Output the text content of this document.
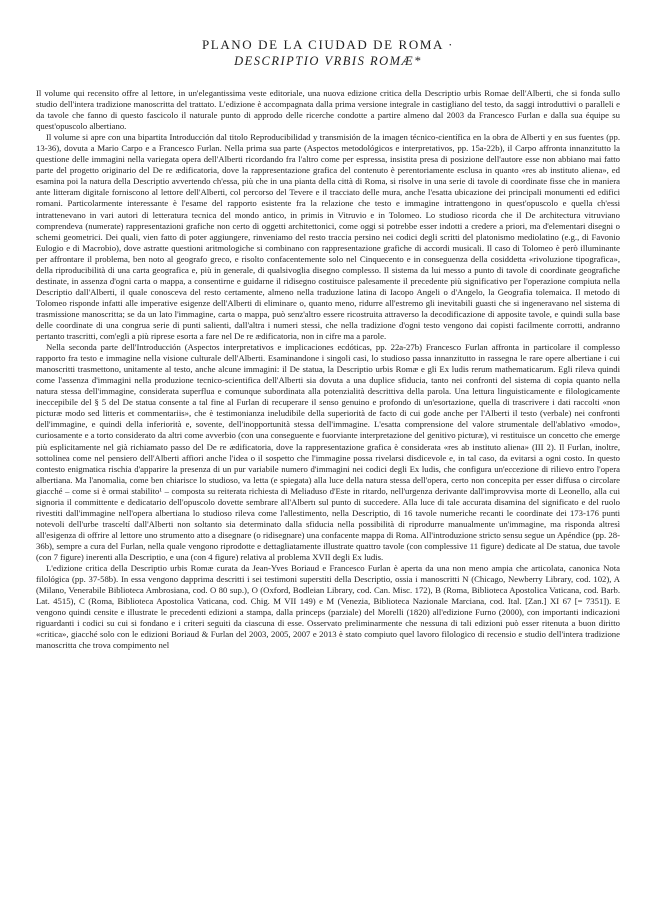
PLANO DE LA CIUDAD DE ROMA ·
DESCRIPTIO VRBIS ROMÆ*

Il volume qui recensito offre al lettore, in un'elegantissima veste editoriale, una nuova edizione critica della Descriptio urbis Romae dell'Alberti, che si fonda sullo studio dell'intera tradizione manoscritta del trattato. L'edizione è accompagnata dalla prima versione integrale in castigliano del testo, da saggi introduttivi o paralleli e da tavole che fanno di questo fascicolo il naturale punto di approdo delle ricerche condotte a partire almeno dal 2003 da Francesco Furlan e dalla sua équipe su quest'opuscolo albertiano.

Il volume si apre con una bipartita Introducción dal titolo Reproducibilidad y transmisión de la imagen técnico-científica en la obra de Alberti y en sus fuentes (pp. 13-36), dovuta a Mario Carpo e a Francesco Furlan. Nella prima sua parte (Aspectos metodológicos e interpretativos, pp. 15a-22b), il Carpo affronta innanzitutto la questione delle immagini nella variegata opera dell'Alberti ricordando fra l'altro come per espressa, insistita presa di posizione dell'autore esse non abbiano mai fatto parte del progetto originario del De re ædificatoria, dove la rappresentazione grafica del contenuto è perentoriamente esclusa in quanto «res ab instituto aliena», ed esamina poi la natura della Descriptio avvertendo ch'essa, più che in una pianta della città di Roma, si risolve in una serie di tavole di coordinate fisse che in maniera ante litteram digitale forniscono al lettore dell'Alberti, col percorso del Tevere e il tracciato delle mura, anche l'esatta ubicazione dei principali monumenti ed edifici romani. Particolarmente interessante è l'esame del rapporto esistente fra la relazione che testo e immagine intrattengono in quest'opuscolo e quella ch'essi intrattenevano in vari autori di letteratura tecnica del mondo antico, in primis in Vitruvio e in Tolomeo. Lo studioso ricorda che il De architectura vitruviano comprendeva (numerate) rappresentazioni grafiche non certo di oggetti architettonici, come oggi si potrebbe esser indotti a credere a priori, ma d'elementari disegni o schemi geometrici. Dei quali, vien fatto di poter aggiungere, rinveniamo del resto traccia persino nei codici degli scritti del platonismo mediolatino (e.g., di Favonio Eulogio e di Macrobio), dove astratte questioni aritmologiche si combinano con rappresentazione grafiche di accordi musicali. Il caso di Tolomeo è però illuminante per affrontare il problema, ben noto al geografo greco, e risolto confacentemente solo nel Cinquecento e in conseguenza della cosiddetta «rivoluzione tipografica», della riproducibilità di una carta geografica e, più in generale, di qualsivoglia disegno complesso. Il sistema da lui messo a punto di tavole di coordinate geografiche destinate, in assenza d'ogni carta o mappa, a consentirne e guidarne il ridisegno costituisce palesamente il precedente più significativo per l'operazione compiuta nella Descriptio dall'Alberti, il quale conosceva del resto certamente, almeno nella traduzione latina di Iacopo Angeli o d'Angelo, la Geografia tolemaica. Il metodo di Tolomeo risponde infatti alle imperative esigenze dell'Alberti di eliminare o, quanto meno, ridurre all'estremo gli inevitabili guasti che si ingeneravano nel sistema di trasmissione manoscritta; se da un lato l'immagine, carta o mappa, può senz'altro essere ricostruita attraverso la decodificazione di apposite tavole, e quindi sulla base delle coordinate di una congrua serie di punti salienti, dall'altra i numeri stessi, che nella tradizione d'ogni testo vengono dai copisti facilmente corrotti, andranno pertanto trascritti, com'egli a più riprese esorta a fare nel De re ædificatoria, non in cifre ma a parole.

Nella seconda parte dell'Introducción (Aspectos interpretativos e implicaciones ecdóticas, pp. 22a-27b) Francesco Furlan affronta in particolare il complesso rapporto fra testo e immagine nella visione culturale dell'Alberti. Esaminandone i singoli casi, lo studioso passa innanzitutto in rassegna le rare opere albertiane i cui manoscritti trasmettono, unitamente al testo, anche alcune immagini: il De statua, la Descriptio urbis Romæ e gli Ex ludis rerum mathematicarum. Egli rileva quindi come l'assenza d'immagini nella produzione tecnico-scientifica dell'Alberti sia dovuta a una duplice sfiducia, tanto nei confronti del sistema di copia quanto nella natura stessa dell'immagine, considerata superflua e comunque subordinata alla potenzialità descrittiva della parola. Una lettura linguisticamente e filologicamente ineccepibile del § 5 del De statua consente a tal fine al Furlan di recuperare il senso genuino e profondo di un'esortazione, quella di trascrivere i dati raccolti «non picturæ modo sed litteris et commentariis», che è testimonianza ineludibile della superiorità de facto di cui gode anche per l'Alberti il testo (verbale) nei confronti dell'immagine, e quindi della inferiorità e, sovente, dell'inopportunità stessa dell'immagine. L'esatta comprensione del valore strumentale dell'ablativo «modo», curiosamente e a torto considerato da altri come avverbio (con una conseguente e fuorviante interpretazione del genitivo picturæ), vi restituisce un concetto che emerge più esplicitamente nel già richiamato passo del De re ædificatoria, dove la rappresentazione grafica è considerata «res ab instituto aliena» (III 2). Il Furlan, inoltre, sottolinea come nel pensiero dell'Alberti affiori anche l'idea o il sospetto che l'immagine possa rivelarsi disdicevole e, in tal caso, da evitarsi a ogni costo. In questo contesto enigmatica rischia d'apparire la presenza di un pur variabile numero d'immagini nei codici degli Ex ludis, che configura un'eccezione di rilievo entro l'opera albertiana. Ma l'anomalia, come ben chiarisce lo studioso, va letta (e spiegata) alla luce della natura stessa dell'opera, certo non concepita per esser diffusa o circolare giacché – come si è ormai stabilito¹ – composta su reiterata richiesta di Meliaduso d'Este in ritardo, nell'urgenza derivante dall'improvvisa morte di Leonello, alla cui signoria il committente e dedicatario dell'opuscolo dovette sembrare all'Albertι sul punto di succedere. Alla luce di tale accurata disamina del significato e del ruolo rivestiti dall'immagine nell'opera albertiana lo studioso rileva come l'allestimento, nella Descriptio, di 16 tavole numeriche recanti le coordinate dei 173-176 punti notevoli dell'urbe trasceltí dall'Alberti non soltanto sia determinato dalla sfiducia nella possibilità di riprodurre manualmente un'immagine, ma risponda altresì all'esigenza di offrire al lettore uno strumento atto a disegnare (o ridisegnare) una confacente mappa di Roma. All'introduzione stricto sensu segue un Apéndice (pp. 28-36b), sempre a cura del Furlan, nella quale vengono riprodotte e dettagliatamente illustrate quattro tavole (con complessive 11 figure) dedicate al De statua, due tavole (con 7 figure) inerenti alla Descriptio, e una (con 4 figure) relativa al problema XVII degli Ex ludis.

L'edizione critica della Descriptio urbis Romæ curata da Jean-Yves Boriaud e Francesco Furlan è aperta da una non meno ampia che articolata, canonica Nota filológica (pp. 37-58b). In essa vengono dapprima descritti i sei testimoni superstiti della Descriptio, ossia i manoscritti N (Chicago, Newberry Library, cod. 102), A (Milano, Venerabile Biblioteca Ambrosiana, cod. O 80 sup.), O (Oxford, Bodleian Library, cod. Can. Misc. 172), B (Roma, Biblioteca Apostolica Vaticana, cod. Barb. Lat. 4515), C (Roma, Biblioteca Apostolica Vaticana, cod. Chig. M VII 149) e M (Venezia, Biblioteca Nazionale Marciana, cod. Ital. [Zan.] XI 67 [= 7351]). E vengono quindi censite e illustrate le precedenti edizioni a stampa, dalla princeps (parziale) del Morelli (1820) all'edizione Furno (2000), con importanti indicazioni riguardanti i codici su cui si fondano e i criteri seguiti da ciascuna di esse. Osservato preliminarmente che nessuna di tali edizioni può esser ritenuta a buon diritto «critica», giacché solo con le edizioni Boriaud & Furlan del 2003, 2005, 2007 e 2013 è stato compiuto quel lavoro filologico di recensio e studio dell'intera tradizione manoscritta che trova compimento nel
